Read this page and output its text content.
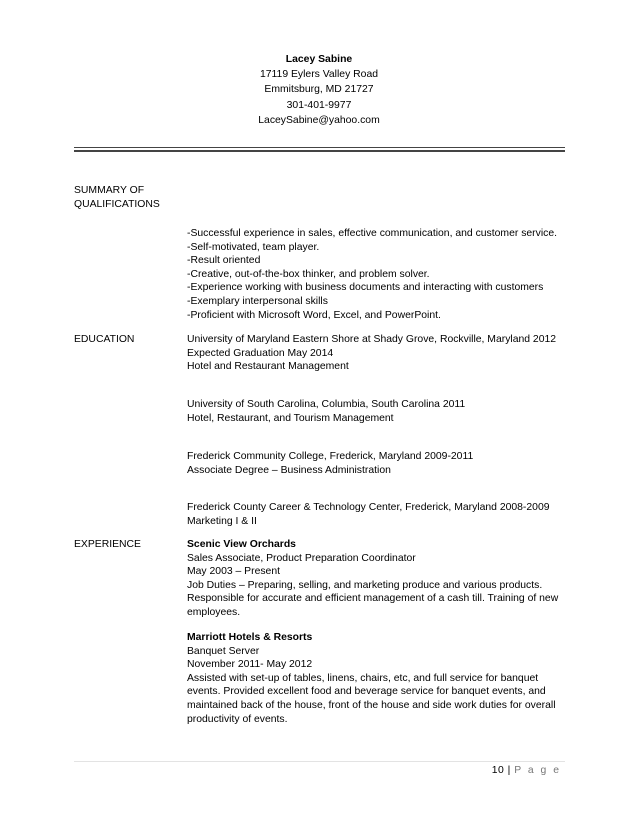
Lacey Sabine
17119 Eylers Valley Road
Emmitsburg, MD 21727
301-401-9977
LaceySabine@yahoo.com
SUMMARY OF
QUALIFICATIONS
-Successful experience in sales, effective communication, and customer service.
-Self-motivated, team player.
-Result oriented
-Creative, out-of-the-box thinker, and problem solver.
-Experience working with business documents and interacting with customers
-Exemplary interpersonal skills
-Proficient with Microsoft Word, Excel, and PowerPoint.
EDUCATION	University of Maryland Eastern Shore at Shady Grove, Rockville, Maryland 2012
Expected Graduation May 2014
Hotel and Restaurant Management
University of South Carolina, Columbia, South Carolina 2011
Hotel, Restaurant, and Tourism Management
Frederick Community College, Frederick, Maryland 2009-2011
Associate Degree – Business Administration
Frederick County Career & Technology Center, Frederick, Maryland 2008-2009
Marketing I & II
EXPERIENCE	Scenic View Orchards
Sales Associate, Product Preparation Coordinator
May 2003 – Present
Job Duties – Preparing, selling, and marketing produce and various products. Responsible for accurate and efficient management of a cash till. Training of new employees.
Marriott Hotels & Resorts
Banquet Server
November 2011- May 2012
Assisted with set-up of tables, linens, chairs, etc, and full service for banquet events. Provided excellent food and beverage service for banquet events, and maintained back of the house, front of the house and side work duties for overall productivity of events.
10 | P a g e
